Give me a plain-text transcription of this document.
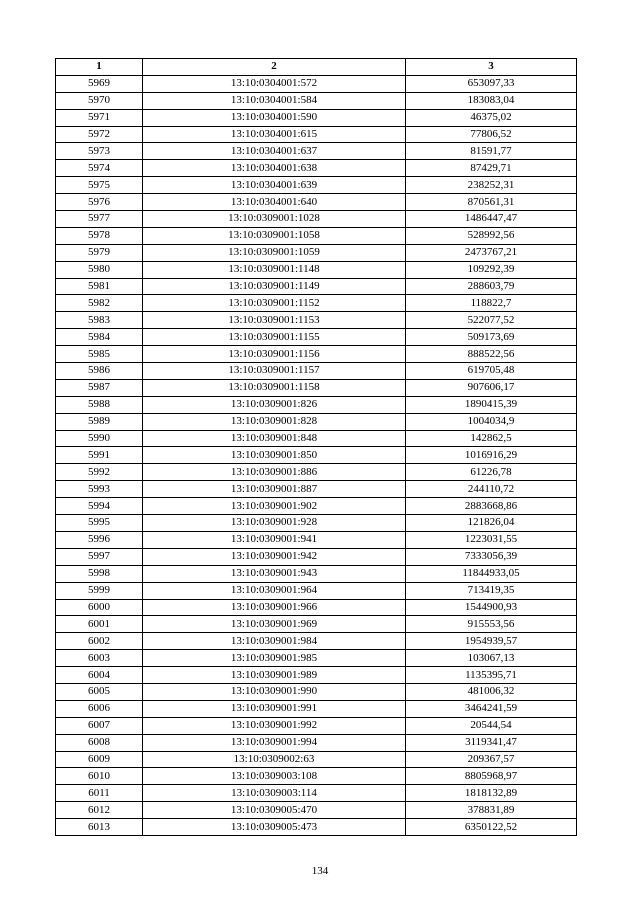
1	2	3
5969	13:10:0304001:572	653097,33
5970	13:10:0304001:584	183083,04
5971	13:10:0304001:590	46375,02
5972	13:10:0304001:615	77806,52
5973	13:10:0304001:637	81591,77
5974	13:10:0304001:638	87429,71
5975	13:10:0304001:639	238252,31
5976	13:10:0304001:640	870561,31
5977	13:10:0309001:1028	1486447,47
5978	13:10:0309001:1058	528992,56
5979	13:10:0309001:1059	2473767,21
5980	13:10:0309001:1148	109292,39
5981	13:10:0309001:1149	288603,79
5982	13:10:0309001:1152	118822,7
5983	13:10:0309001:1153	522077,52
5984	13:10:0309001:1155	509173,69
5985	13:10:0309001:1156	888522,56
5986	13:10:0309001:1157	619705,48
5987	13:10:0309001:1158	907606,17
5988	13:10:0309001:826	1890415,39
5989	13:10:0309001:828	1004034,9
5990	13:10:0309001:848	142862,5
5991	13:10:0309001:850	1016916,29
5992	13:10:0309001:886	61226,78
5993	13:10:0309001:887	244110,72
5994	13:10:0309001:902	2883668,86
5995	13:10:0309001:928	121826,04
5996	13:10:0309001:941	1223031,55
5997	13:10:0309001:942	7333056,39
5998	13:10:0309001:943	11844933,05
5999	13:10:0309001:964	713419,35
6000	13:10:0309001:966	1544900,93
6001	13:10:0309001:969	915553,56
6002	13:10:0309001:984	1954939,57
6003	13:10:0309001:985	103067,13
6004	13:10:0309001:989	1135395,71
6005	13:10:0309001:990	481006,32
6006	13:10:0309001:991	3464241,59
6007	13:10:0309001:992	20544,54
6008	13:10:0309001:994	3119341,47
6009	13:10:0309002:63	209367,57
6010	13:10:0309003:108	8805968,97
6011	13:10:0309003:114	1818132,89
6012	13:10:0309005:470	378831,89
6013	13:10:0309005:473	6350122,52
134
